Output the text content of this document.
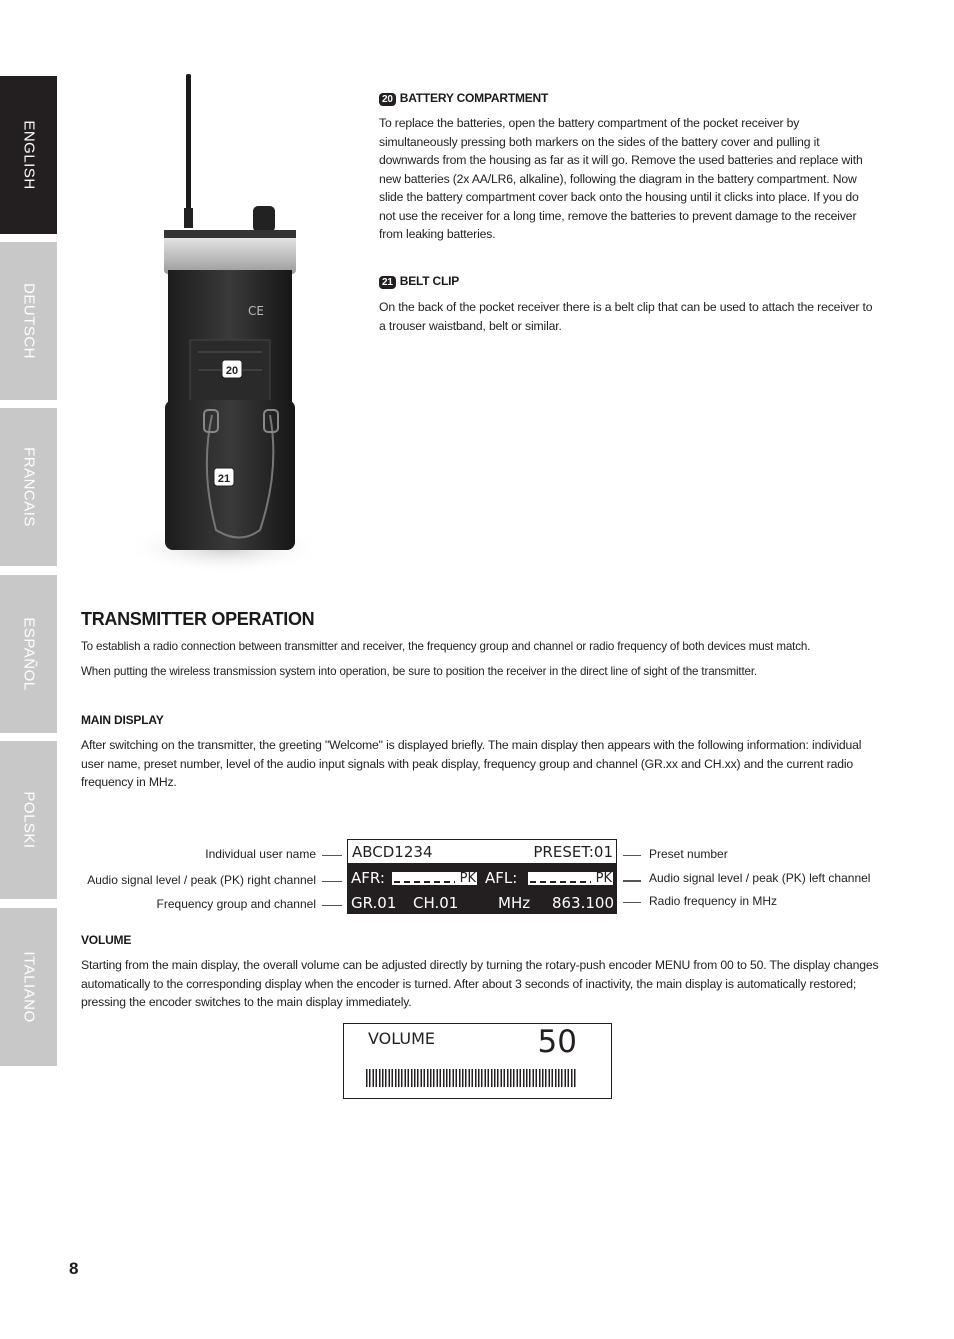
ENGLISH
DEUTSCH
FRANCAIS
ESPAÑOL
POLSKI
ITALIANO
CE
20
21
20 BATTERY COMPARTMENT
To replace the batteries, open the battery compartment of the pocket receiver by simultaneously pressing both markers on the sides of the battery cover and pulling it downwards from the housing as far as it will go. Remove the used batteries and replace with new batteries (2x AA/LR6, alkaline), following the diagram in the battery compartment. Now slide the battery compartment cover back onto the housing until it clicks into place. If you do not use the receiver for a long time, remove the batteries to prevent damage to the receiver from leaking batteries.
21 BELT CLIP
On the back of the pocket receiver there is a belt clip that can be used to attach the receiver to a trouser waistband, belt or similar.
TRANSMITTER OPERATION
To establish a radio connection between transmitter and receiver, the frequency group and channel or radio frequency of both devices must match.
When putting the wireless transmission system into operation, be sure to position the receiver in the direct line of sight of the transmitter.
MAIN DISPLAY
After switching on the transmitter, the greeting "Welcome" is displayed briefly. The main display then appears with the following information: individual user name, preset number, level of the audio input signals with peak display, frequency group and channel (GR.xx and CH.xx) and the current radio frequency in MHz.
Individual user name
Audio signal level / peak (PK) right channel
Frequency group and channel
ABCD1234	PRESET:01
AFR:	PK AFL:	PK
GR.01 CH.01	MHz 863.100
Preset number
Audio signal level / peak (PK) left channel
Radio frequency in MHz
VOLUME
Starting from the main display, the overall volume can be adjusted directly by turning the rotary-push encoder MENU from 00 to 50. The display changes automatically to the corresponding display when the encoder is turned. After about 3 seconds of inactivity, the main display is automatically restored; pressing the encoder switches to the main display immediately.
VOLUME	50
8
